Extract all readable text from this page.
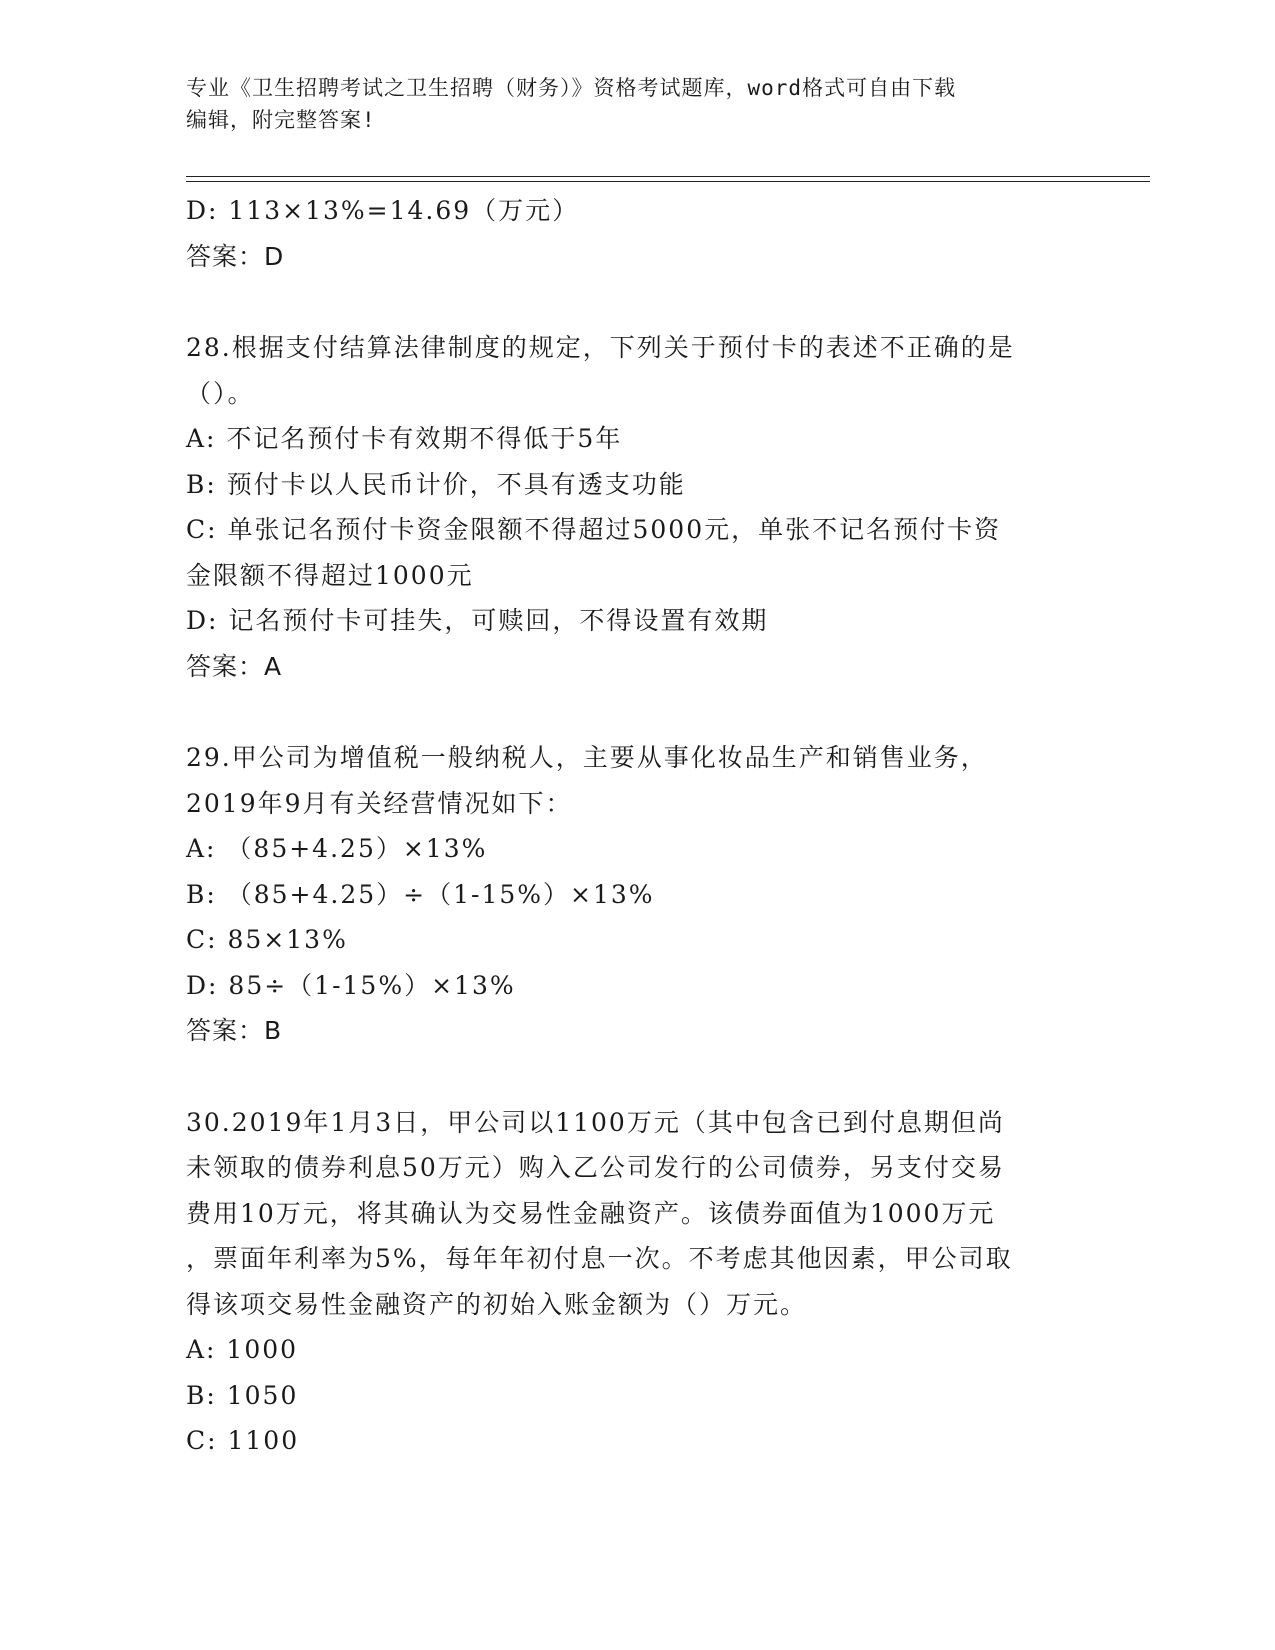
专业《卫生招聘考试之卫生招聘（财务）》资格考试题库，word格式可自由下载
编辑，附完整答案!
D: 113×13%=14.69（万元）
答案：D
28.根据支付结算法律制度的规定，下列关于预付卡的表述不正确的是
（）。
A: 不记名预付卡有效期不得低于5年
B: 预付卡以人民币计价，不具有透支功能
C: 单张记名预付卡资金限额不得超过5000元，单张不记名预付卡资
金限额不得超过1000元
D: 记名预付卡可挂失，可赎回，不得设置有效期
答案：A
29.甲公司为增值税一般纳税人，主要从事化妆品生产和销售业务，
2019年9月有关经营情况如下：
A: （85+4.25）×13%
B: （85+4.25）÷（1-15%）×13%
C: 85×13%
D: 85÷（1-15%）×13%
答案：B
30.2019年1月3日，甲公司以1100万元（其中包含已到付息期但尚
未领取的债券利息50万元）购入乙公司发行的公司债券，另支付交易
费用10万元，将其确认为交易性金融资产。该债券面值为1000万元
，票面年利率为5%，每年年初付息一次。不考虑其他因素，甲公司取
得该项交易性金融资产的初始入账金额为（）万元。
A: 1000
B: 1050
C: 1100
